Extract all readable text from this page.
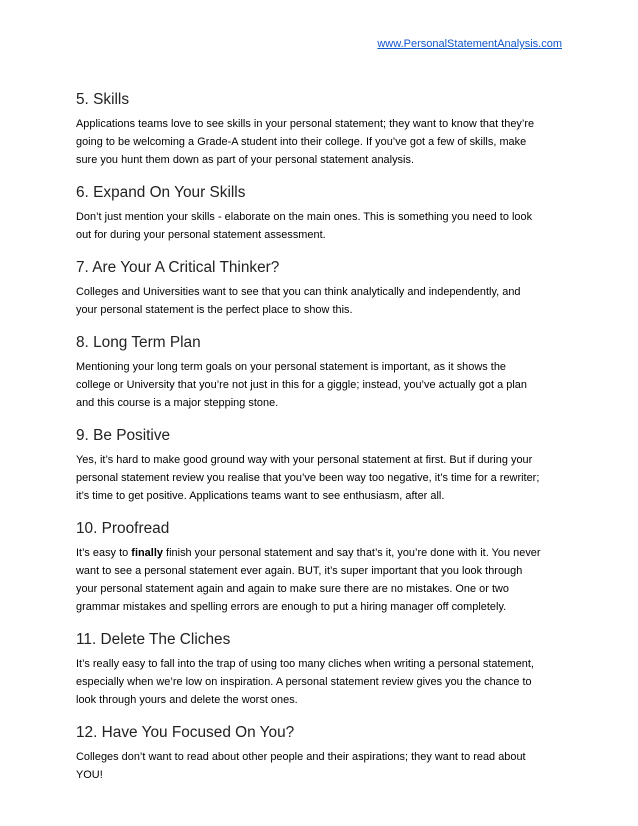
www.PersonalStatementAnalysis.com
5. Skills

Applications teams love to see skills in your personal statement; they want to know that they’re
going to be welcoming a Grade-A student into their college. If you’ve got a few of skills, make
sure you hunt them down as part of your personal statement analysis.

6. Expand On Your Skills

Don’t just mention your skills - elaborate on the main ones. This is something you need to look
out for during your personal statement assessment.

7. Are Your A Critical Thinker?

Colleges and Universities want to see that you can think analytically and independently, and
your personal statement is the perfect place to show this.

8. Long Term Plan

Mentioning your long term goals on your personal statement is important, as it shows the
college or University that you’re not just in this for a giggle; instead, you’ve actually got a plan
and this course is a major stepping stone.

9. Be Positive

Yes, it’s hard to make good ground way with your personal statement at first. But if during your
personal statement review you realise that you’ve been way too negative, it’s time for a rewriter;
it’s time to get positive. Applications teams want to see enthusiasm, after all.

10. Proofread

It’s easy to finally finish your personal statement and say that’s it, you’re done with it. You never
want to see a personal statement ever again. BUT, it’s super important that you look through
your personal statement again and again to make sure there are no mistakes. One or two
grammar mistakes and spelling errors are enough to put a hiring manager off completely.

11. Delete The Cliches

It’s really easy to fall into the trap of using too many cliches when writing a personal statement,
especially when we’re low on inspiration. A personal statement review gives you the chance to
look through yours and delete the worst ones.

12. Have You Focused On You?

Colleges don’t want to read about other people and their aspirations; they want to read about
YOU!
